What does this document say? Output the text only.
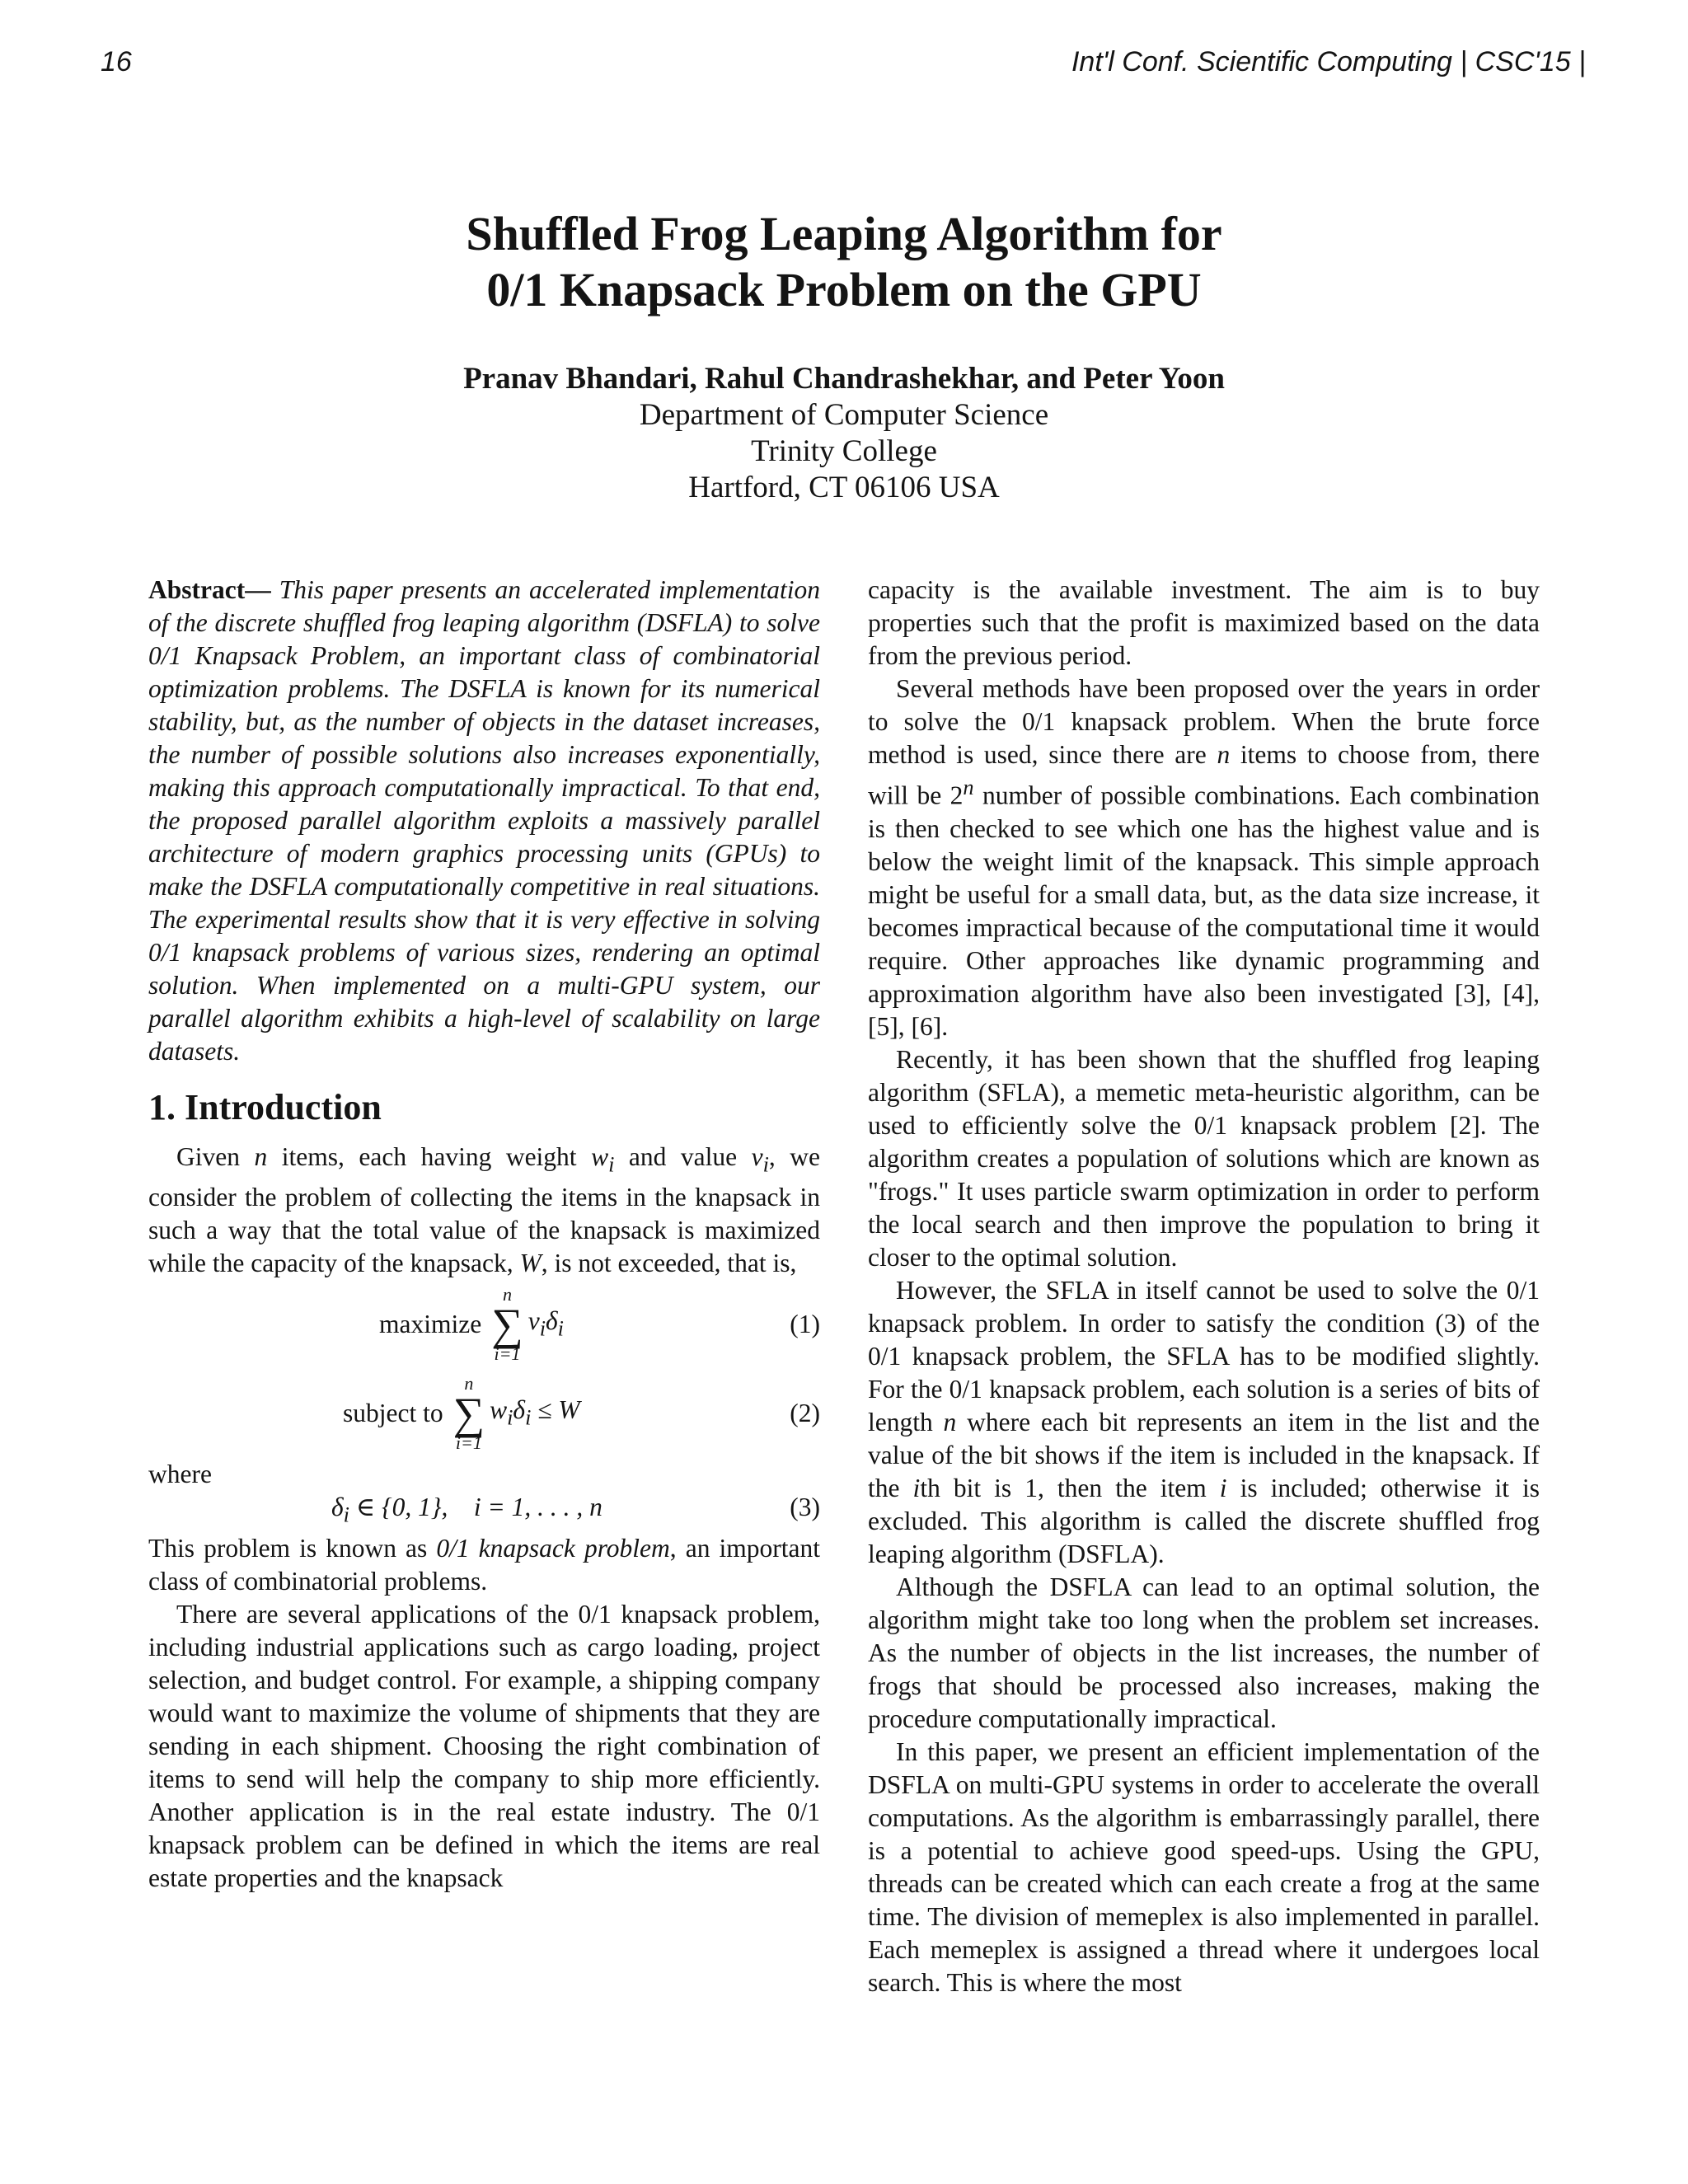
16	Int'l Conf. Scientific Computing | CSC'15 |
Shuffled Frog Leaping Algorithm for
0/1 Knapsack Problem on the GPU
Pranav Bhandari, Rahul Chandrashekhar, and Peter Yoon
Department of Computer Science
Trinity College
Hartford, CT 06106 USA

Abstract— This paper presents an accelerated implementation of the discrete shuffled frog leaping algorithm (DSFLA) to solve 0/1 Knapsack Problem, an important class of combinatorial optimization problems. The DSFLA is known for its numerical stability, but, as the number of objects in the dataset increases, the number of possible solutions also increases exponentially, making this approach computationally impractical. To that end, the proposed parallel algorithm exploits a massively parallel architecture of modern graphics processing units (GPUs) to make the DSFLA computationally competitive in real situations. The experimental results show that it is very effective in solving 0/1 knapsack problems of various sizes, rendering an optimal solution. When implemented on a multi-GPU system, our parallel algorithm exhibits a high-level of scalability on large datasets.

1. Introduction

Given n items, each having weight $w_i$ and value $v_i$, we consider the problem of collecting the items in the knapsack in such a way that the total value of the knapsack is maximized while the capacity of the knapsack, W, is not exceeded, that is,

maximize
n
∑
i=1
$v_i\delta_i$	(1)
subject to
n
∑
i=1
$w_i\delta_i \le W$	(2)
where
$\delta_i$ ∈ {0, 1},    i = 1, . . . , n	(3)

This problem is known as 0/1 knapsack problem, an important class of combinatorial problems.

There are several applications of the 0/1 knapsack problem, including industrial applications such as cargo loading, project selection, and budget control. For example, a shipping company would want to maximize the volume of shipments that they are sending in each shipment. Choosing the right combination of items to send will help the company to ship more efficiently. Another application is in the real estate industry. The 0/1 knapsack problem can be defined in which the items are real estate properties and the knapsack

capacity is the available investment. The aim is to buy properties such that the profit is maximized based on the data from the previous period.

Several methods have been proposed over the years in order to solve the 0/1 knapsack problem. When the brute force method is used, since there are n items to choose from, there will be 2$^n$ number of possible combinations. Each combination is then checked to see which one has the highest value and is below the weight limit of the knapsack. This simple approach might be useful for a small data, but, as the data size increase, it becomes impractical because of the computational time it would require. Other approaches like dynamic programming and approximation algorithm have also been investigated [3], [4], [5], [6].

Recently, it has been shown that the shuffled frog leaping algorithm (SFLA), a memetic meta-heuristic algorithm, can be used to efficiently solve the 0/1 knapsack problem [2]. The algorithm creates a population of solutions which are known as "frogs." It uses particle swarm optimization in order to perform the local search and then improve the population to bring it closer to the optimal solution.

However, the SFLA in itself cannot be used to solve the 0/1 knapsack problem. In order to satisfy the condition (3) of the 0/1 knapsack problem, the SFLA has to be modified slightly. For the 0/1 knapsack problem, each solution is a series of bits of length n where each bit represents an item in the list and the value of the bit shows if the item is included in the knapsack. If the ith bit is 1, then the item i is included; otherwise it is excluded. This algorithm is called the discrete shuffled frog leaping algorithm (DSFLA).

Although the DSFLA can lead to an optimal solution, the algorithm might take too long when the problem set increases. As the number of objects in the list increases, the number of frogs that should be processed also increases, making the procedure computationally impractical.

In this paper, we present an efficient implementation of the DSFLA on multi-GPU systems in order to accelerate the overall computations. As the algorithm is embarrassingly parallel, there is a potential to achieve good speed-ups. Using the GPU, threads can be created which can each create a frog at the same time. The division of memeplex is also implemented in parallel. Each memeplex is assigned a thread where it undergoes local search. This is where the most
